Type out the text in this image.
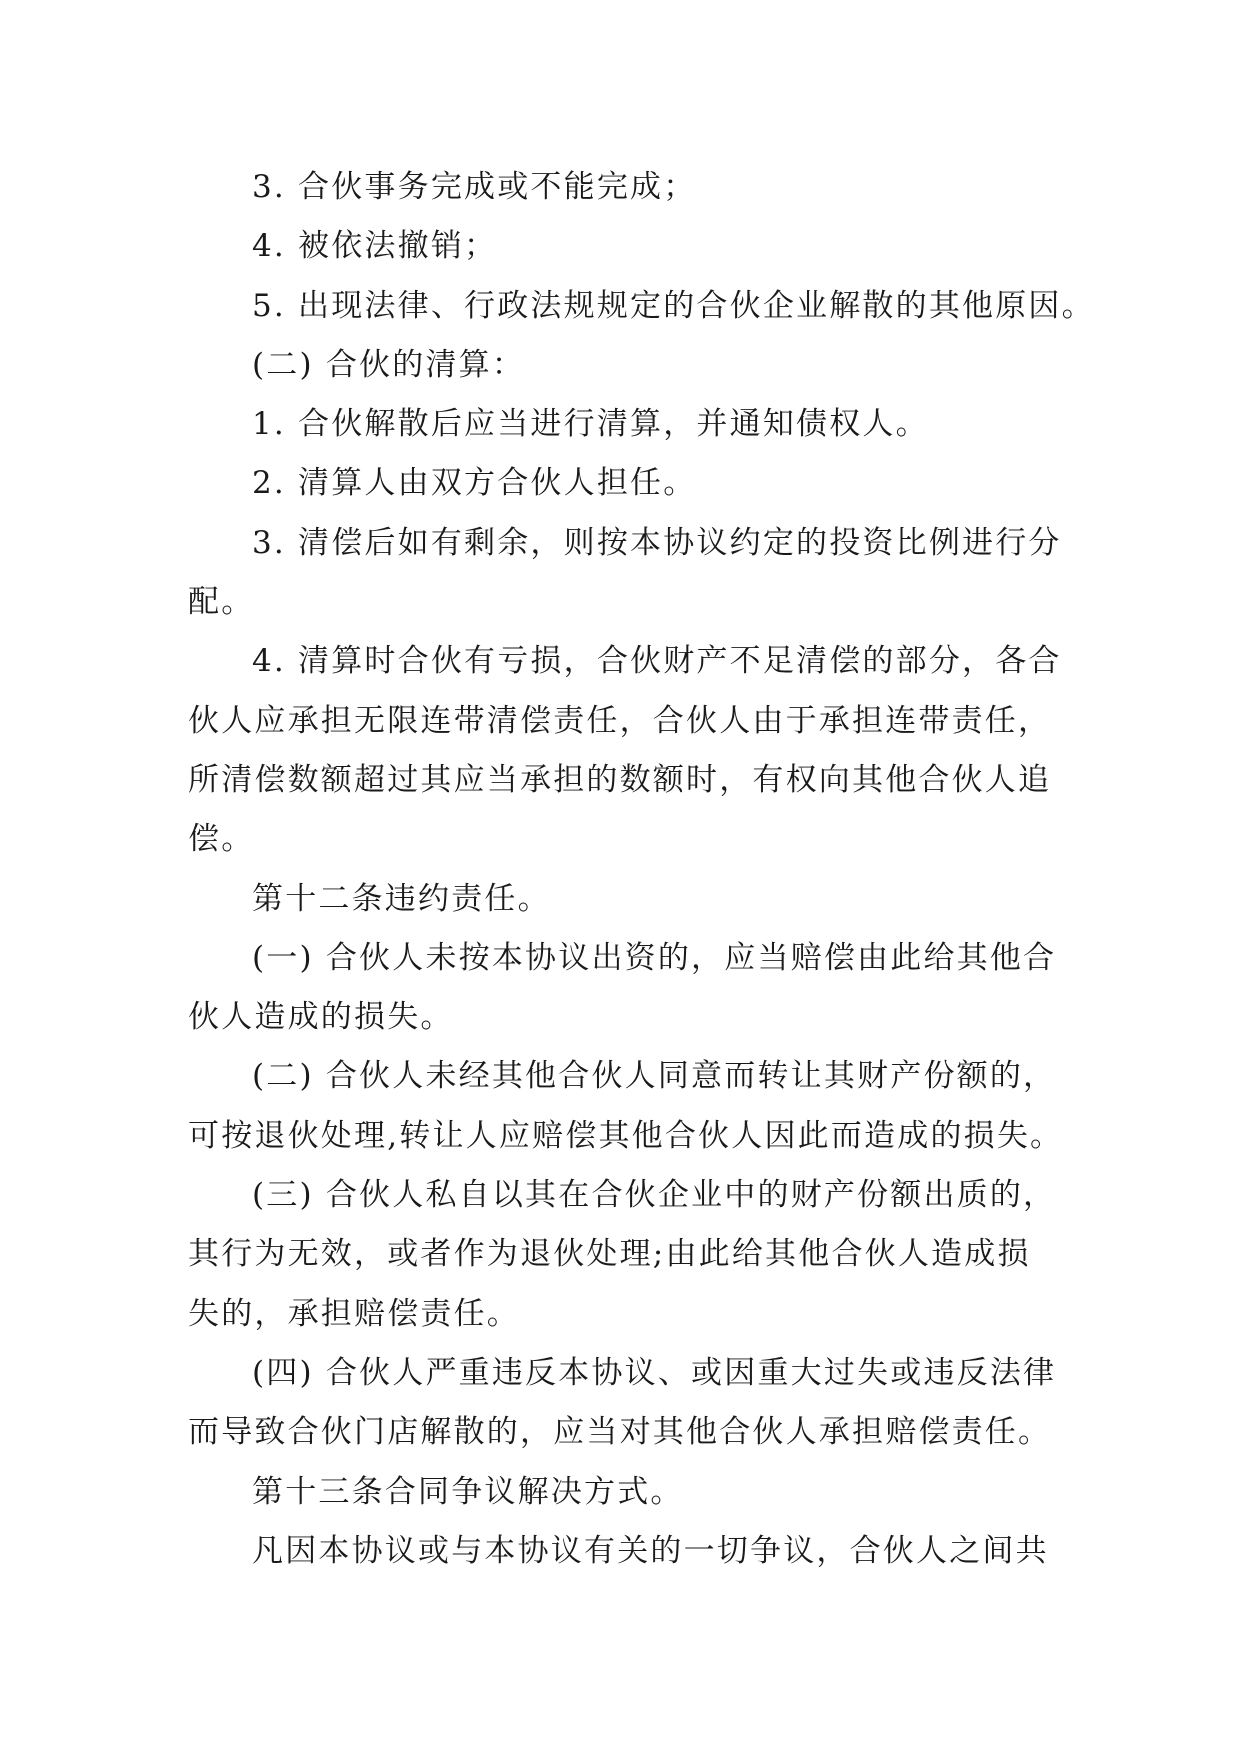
3. 合伙事务完成或不能完成；
4. 被依法撤销；
5. 出现法律、行政法规规定的合伙企业解散的其他原因。
(二) 合伙的清算：
1. 合伙解散后应当进行清算，并通知债权人。
2. 清算人由双方合伙人担任。
3. 清偿后如有剩余，则按本协议约定的投资比例进行分
配。
4. 清算时合伙有亏损，合伙财产不足清偿的部分，各合
伙人应承担无限连带清偿责任，合伙人由于承担连带责任，
所清偿数额超过其应当承担的数额时，有权向其他合伙人追
偿。
第十二条违约责任。
(一) 合伙人未按本协议出资的，应当赔偿由此给其他合
伙人造成的损失。
(二) 合伙人未经其他合伙人同意而转让其财产份额的，
可按退伙处理,转让人应赔偿其他合伙人因此而造成的损失。
(三) 合伙人私自以其在合伙企业中的财产份额出质的，
其行为无效，或者作为退伙处理;由此给其他合伙人造成损
失的，承担赔偿责任。
(四) 合伙人严重违反本协议、或因重大过失或违反法律
而导致合伙门店解散的，应当对其他合伙人承担赔偿责任。
第十三条合同争议解决方式。
凡因本协议或与本协议有关的一切争议，合伙人之间共
